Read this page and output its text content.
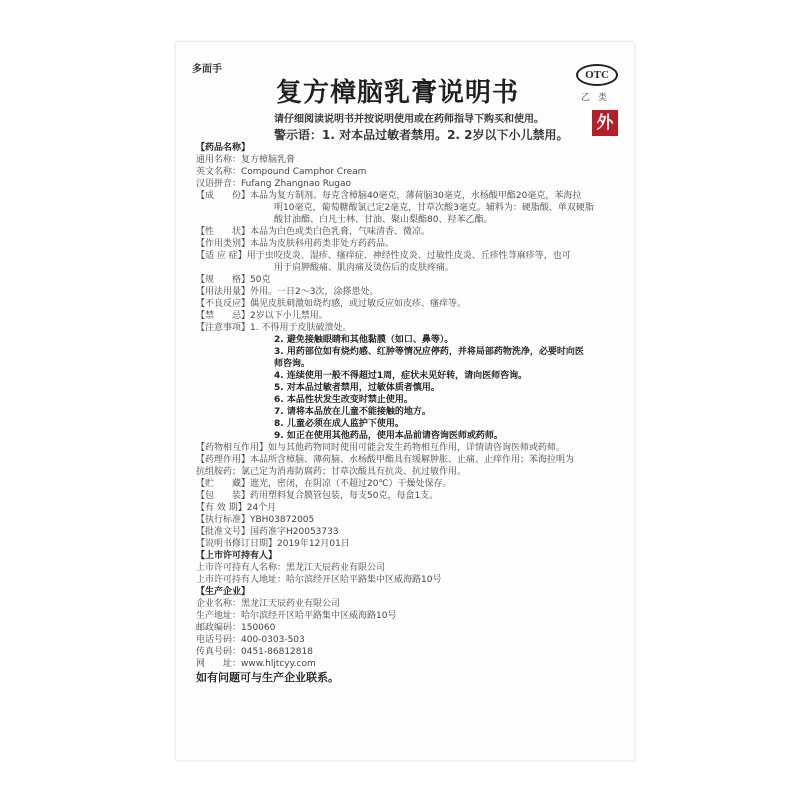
多面手
复方樟脑乳膏说明书
OTC
乙类
外
请仔细阅读说明书并按说明使用或在药师指导下购买和使用。
警示语：1. 对本品过敏者禁用。2. 2岁以下小儿禁用。
【药品名称】
通用名称：复方樟脑乳膏
英文名称：Compound Camphor Cream
汉语拼音：Fufang Zhangnao Rugao
【成　　份】本品为复方制剂。每克含樟脑40毫克，薄荷脑30毫克，水杨酸甲酯20毫克，苯海拉
明10毫克，葡萄糖酸氯己定2毫克，甘草次酸3毫克。辅料为：硬脂酸、单双硬脂
酸甘油酯、白凡士林、甘油、聚山梨酯80、羟苯乙酯。
【性　　状】本品为白色或类白色乳膏，气味清香、微凉。
【作用类别】本品为皮肤科用药类非处方药药品。
【适 应 症】用于虫咬皮炎、湿疹、瘙痒症、神经性皮炎、过敏性皮炎、丘疹性荨麻疹等，也可
用于肩胛酸痛、肌肉痛及烫伤后的皮肤疼痛。
【规　　格】50克
【用法用量】外用。一日2～3次，涂搽患处。
【不良反应】偶见皮肤刺激如烧灼感，或过敏反应如皮疹、瘙痒等。
【禁　　忌】2岁以下小儿禁用。
【注意事项】1. 不得用于皮肤破溃处。
2. 避免接触眼睛和其他黏膜（如口、鼻等）。
3. 用药部位如有烧灼感、红肿等情况应停药，并将局部药物洗净，必要时向医
师咨询。
4. 连续使用一般不得超过1周，症状未见好转，请向医师咨询。
5. 对本品过敏者禁用，过敏体质者慎用。
6. 本品性状发生改变时禁止使用。
7. 请将本品放在儿童不能接触的地方。
8. 儿童必须在成人监护下使用。
9. 如正在使用其他药品，使用本品前请咨询医师或药师。
【药物相互作用】如与其他药物同时使用可能会发生药物相互作用，详情请咨询医师或药师。
【药理作用】本品所含樟脑、薄荷脑、水杨酸甲酯具有缓解肿胀、止痛、止痒作用；苯海拉明为
抗组胺药；氯己定为消毒防腐药；甘草次酸具有抗炎、抗过敏作用。
【贮　　藏】遮光，密闭，在阴凉（不超过20℃）干燥处保存。
【包　　装】药用塑料复合膜管包装，每支50克，每盒1支。
【有 效 期】24个月
【执行标准】YBH03872005
【批准文号】国药准字H20053733
【说明书修订日期】2019年12月01日
【上市许可持有人】
上市许可持有人名称：黑龙江天辰药业有限公司
上市许可持有人地址：哈尔滨经开区哈平路集中区威海路10号
【生产企业】
企业名称：黑龙江天辰药业有限公司
生产地址：哈尔滨经开区哈平路集中区威海路10号
邮政编码：150060
电话号码：400-0303-503
传真号码：0451-86812818
网　　址：www.hljtcyy.com
如有问题可与生产企业联系。
